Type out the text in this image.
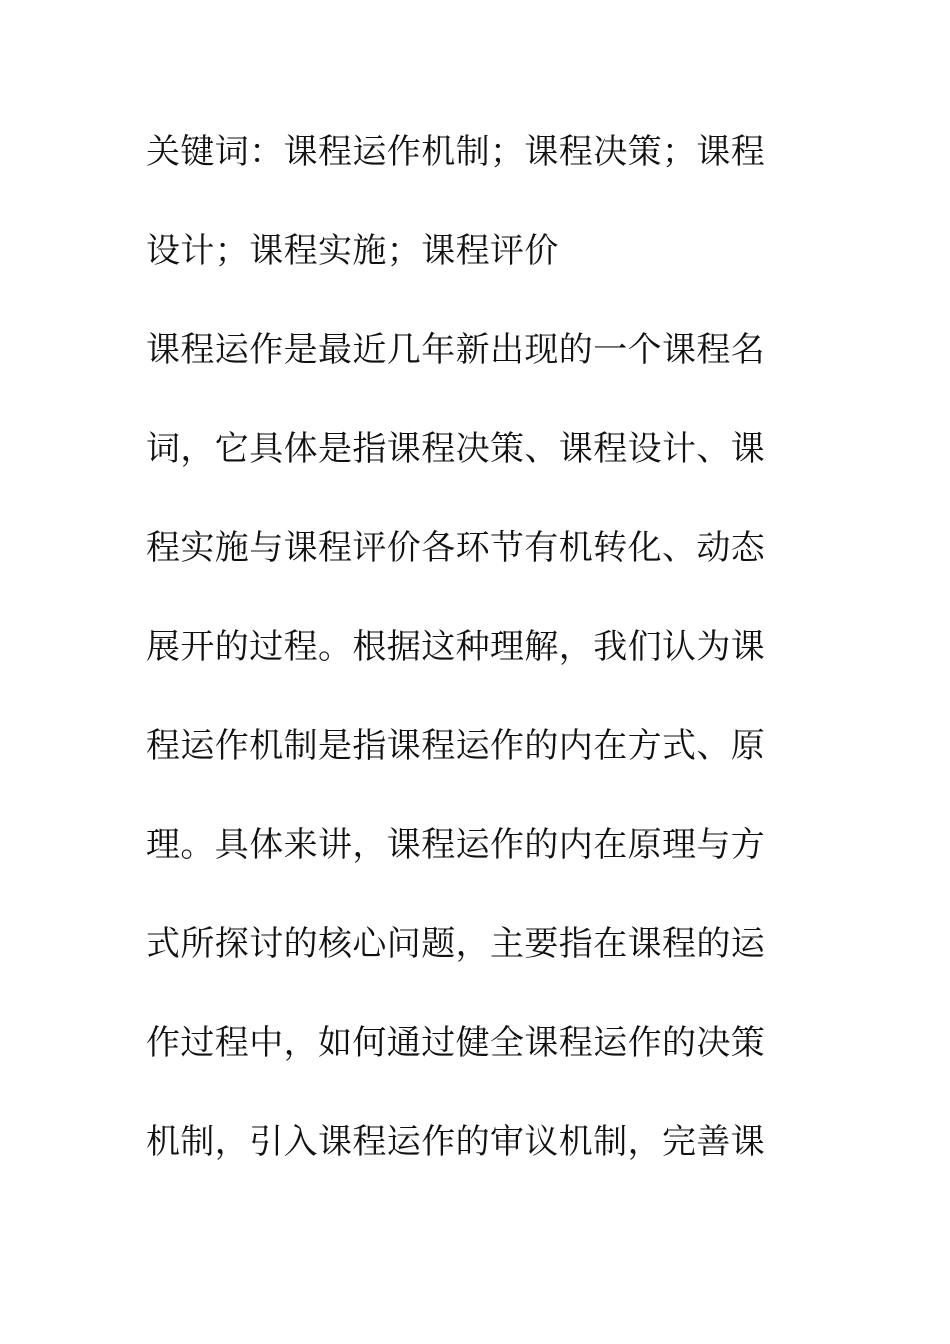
关键词：课程运作机制；课程决策；课程
设计；课程实施；课程评价
课程运作是最近几年新出现的一个课程名
词，它具体是指课程决策、课程设计、课
程实施与课程评价各环节有机转化、动态
展开的过程。根据这种理解，我们认为课
程运作机制是指课程运作的内在方式、原
理。具体来讲，课程运作的内在原理与方
式所探讨的核心问题，主要指在课程的运
作过程中，如何通过健全课程运作的决策
机制，引入课程运作的审议机制，完善课
